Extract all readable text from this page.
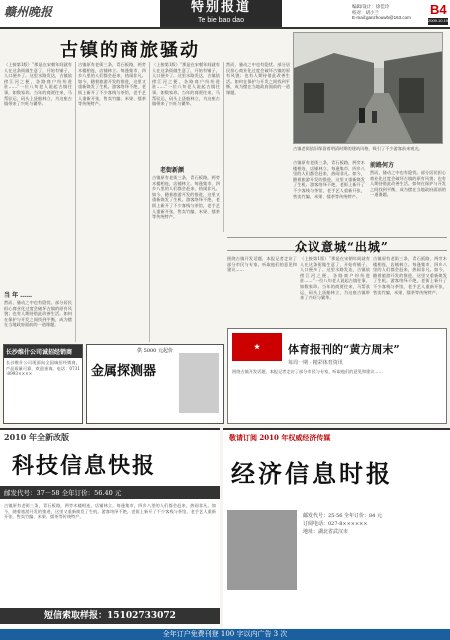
赣州晚报	特别报道
Te bie bao dao
编辑/设计：徐佳玲
校对：胡小兰
E-mail:ganzhouwb@163.com
B4
2009.10.19
古镇的商旅骚动
（上接第1版）“那是在宋朝年间就有人在这条街做生意了，开始有铺子，人口便多了。这里水路发达，古镇依傍江河之便，各路商户纷纷进驻……”一位八旬老人说起古镇往事，如数家珍。当年的商贾往来，马帮驮运，码头上货船林立，为这座古镇带来了兴旺与繁华。
当 年 ……
然而，骚动之中也有隐忧。部分居民担心商业化过度会破坏古镇的原有风貌；也有人期待借此改善生活。如何在保护与开发之间找到平衡，成为摆在当地政府面前的一道课题。
古镇原有老街三条，青石板路，两旁木楼相连，店铺林立。每逢集市，四乡八里的人们都会赶来，热闹非凡。如今，随着旅游开发的推进，这里又重新焕发了生机。游客络绎不绝，老街上新开了不少客栈与茶馆，老手艺人重新开张，售卖竹编、米果、擂茶等传统特产。
（上接第1版）“那是在宋朝年间就有人在这条街做生意了，开始有铺子，人口便多了。这里水路发达，古镇依傍江河之便，各路商户纷纷进驻……”一位八旬老人说起古镇往事，如数家珍。当年的商贾往来，马帮驮运，码头上货船林立，为这座古镇带来了兴旺与繁华。
老街新颜
古镇原有老街三条，青石板路，两旁木楼相连，店铺林立。每逢集市，四乡八里的人们都会赶来，热闹非凡。如今，随着旅游开发的推进，这里又重新焕发了生机。游客络绎不绝，老街上新开了不少客栈与茶馆，老手艺人重新开张，售卖竹编、米果、擂茶等传统特产。
然而，骚动之中也有隐忧。部分居民担心商业化过度会破坏古镇的原有风貌；也有人期待借此改善生活。如何在保护与开发之间找到平衡，成为摆在当地政府面前的一道课题。
古镇老街依旧保留着明清时期的建筑风格，吸引了不少游客前来观光。
古镇原有老街三条，青石板路，两旁木楼相连，店铺林立。每逢集市，四乡八里的人们都会赶来，热闹非凡。如今，随着旅游开发的推进，这里又重新焕发了生机。游客络绎不绝，老街上新开了不少客栈与茶馆，老手艺人重新开张，售卖竹编、米果、擂茶等传统特产。
前路何方
然而，骚动之中也有隐忧。部分居民担心商业化过度会破坏古镇的原有风貌；也有人期待借此改善生活。如何在保护与开发之间找到平衡，成为摆在当地政府面前的一道课题。
众议意城“出城”
围绕古镇开发话题，本报记者走访了部分市民与专家，听取他们的意见和建议……
（上接第1版）“那是在宋朝年间就有人在这条街做生意了，开始有铺子，人口便多了。这里水路发达，古镇依傍江河之便，各路商户纷纷进驻……”一位八旬老人说起古镇往事，如数家珍。当年的商贾往来，马帮驮运，码头上货船林立，为这座古镇带来了兴旺与繁华。
古镇原有老街三条，青石板路，两旁木楼相连，店铺林立。每逢集市，四乡八里的人们都会赶来，热闹非凡。如今，随着旅游开发的推进，这里又重新焕发了生机。游客络绎不绝，老街上新开了不少客栈与茶馆，老手艺人重新开张，售卖竹编、米果、擂茶等传统特产。
长沙维什公司诚招经销商
长沙维什公司现面向全国诚招经销商，产品质量可靠，欢迎垂询。电话：0731-8993××××
供 5000 元起价
金属探测器
★	体育报刊的“黄方周末”
每周一期 · 精彩体育资讯
围绕古镇开发话题，本报记者走访了部分市民与专家，听取他们的意见和建议……
2010 年全新改版
科技信息快报
邮发代号：37－58 全年订价：56.40 元
古镇原有老街三条，青石板路，两旁木楼相连，店铺林立。每逢集市，四乡八里的人们都会赶来，热闹非凡。如今，随着旅游开发的推进，这里又重新焕发了生机。游客络绎不绝，老街上新开了不少客栈与茶馆，老手艺人重新开张，售卖竹编、米果、擂茶等传统特产。
短信索取样报：15102733072
敬请订阅 2010 年权威经济传媒
经济信息时报
邮发代号：25-56 全年订价：84 元
订阅电话：027-8××××××
地址：湖北省武汉市
全年订户免费刊登 100 字以内广告 3 次
